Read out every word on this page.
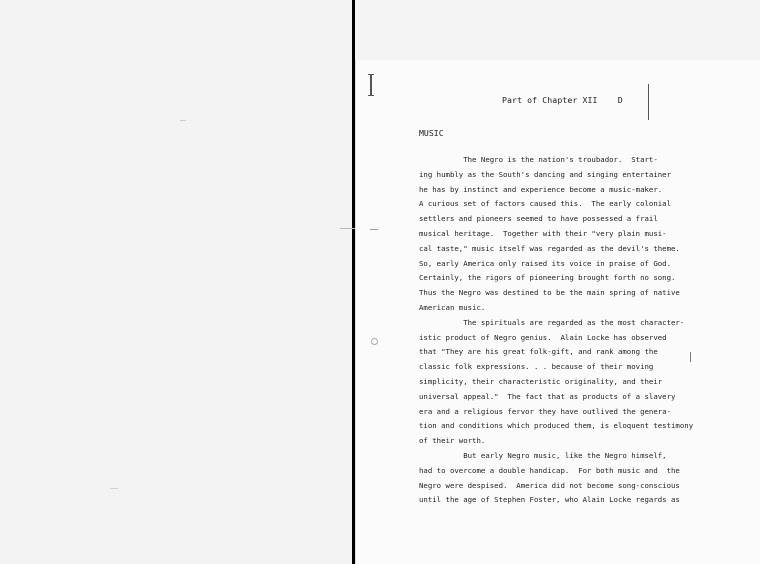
Part of Chapter XII D
MUSIC
The Negro is the nation's troubador.  Start-
ing humbly as the South's dancing and singing entertainer
he has by instinct and experience become a music-maker.
A curious set of factors caused this.  The early colonial
settlers and pioneers seemed to have possessed a frail
musical heritage.  Together with their "very plain musi-
cal taste," music itself was regarded as the devil's theme.
So, early America only raised its voice in praise of God.
Certainly, the rigors of pioneering brought forth no song.
Thus the Negro was destined to be the main spring of native
American music.
The spirituals are regarded as the most character-
istic product of Negro genius.  Alain Locke has observed
that "They are his great folk-gift, and rank among the
classic folk expressions. . . because of their moving
simplicity, their characteristic originality, and their
universal appeal."  The fact that as products of a slavery
era and a religious fervor they have outlived the genera-
tion and conditions which produced them, is eloquent testimony
of their worth.
But early Negro music, like the Negro himself,
had to overcome a double handicap.  For both music and  the
Negro were despised.  America did not become song-conscious
until the age of Stephen Foster, who Alain Locke regards as
